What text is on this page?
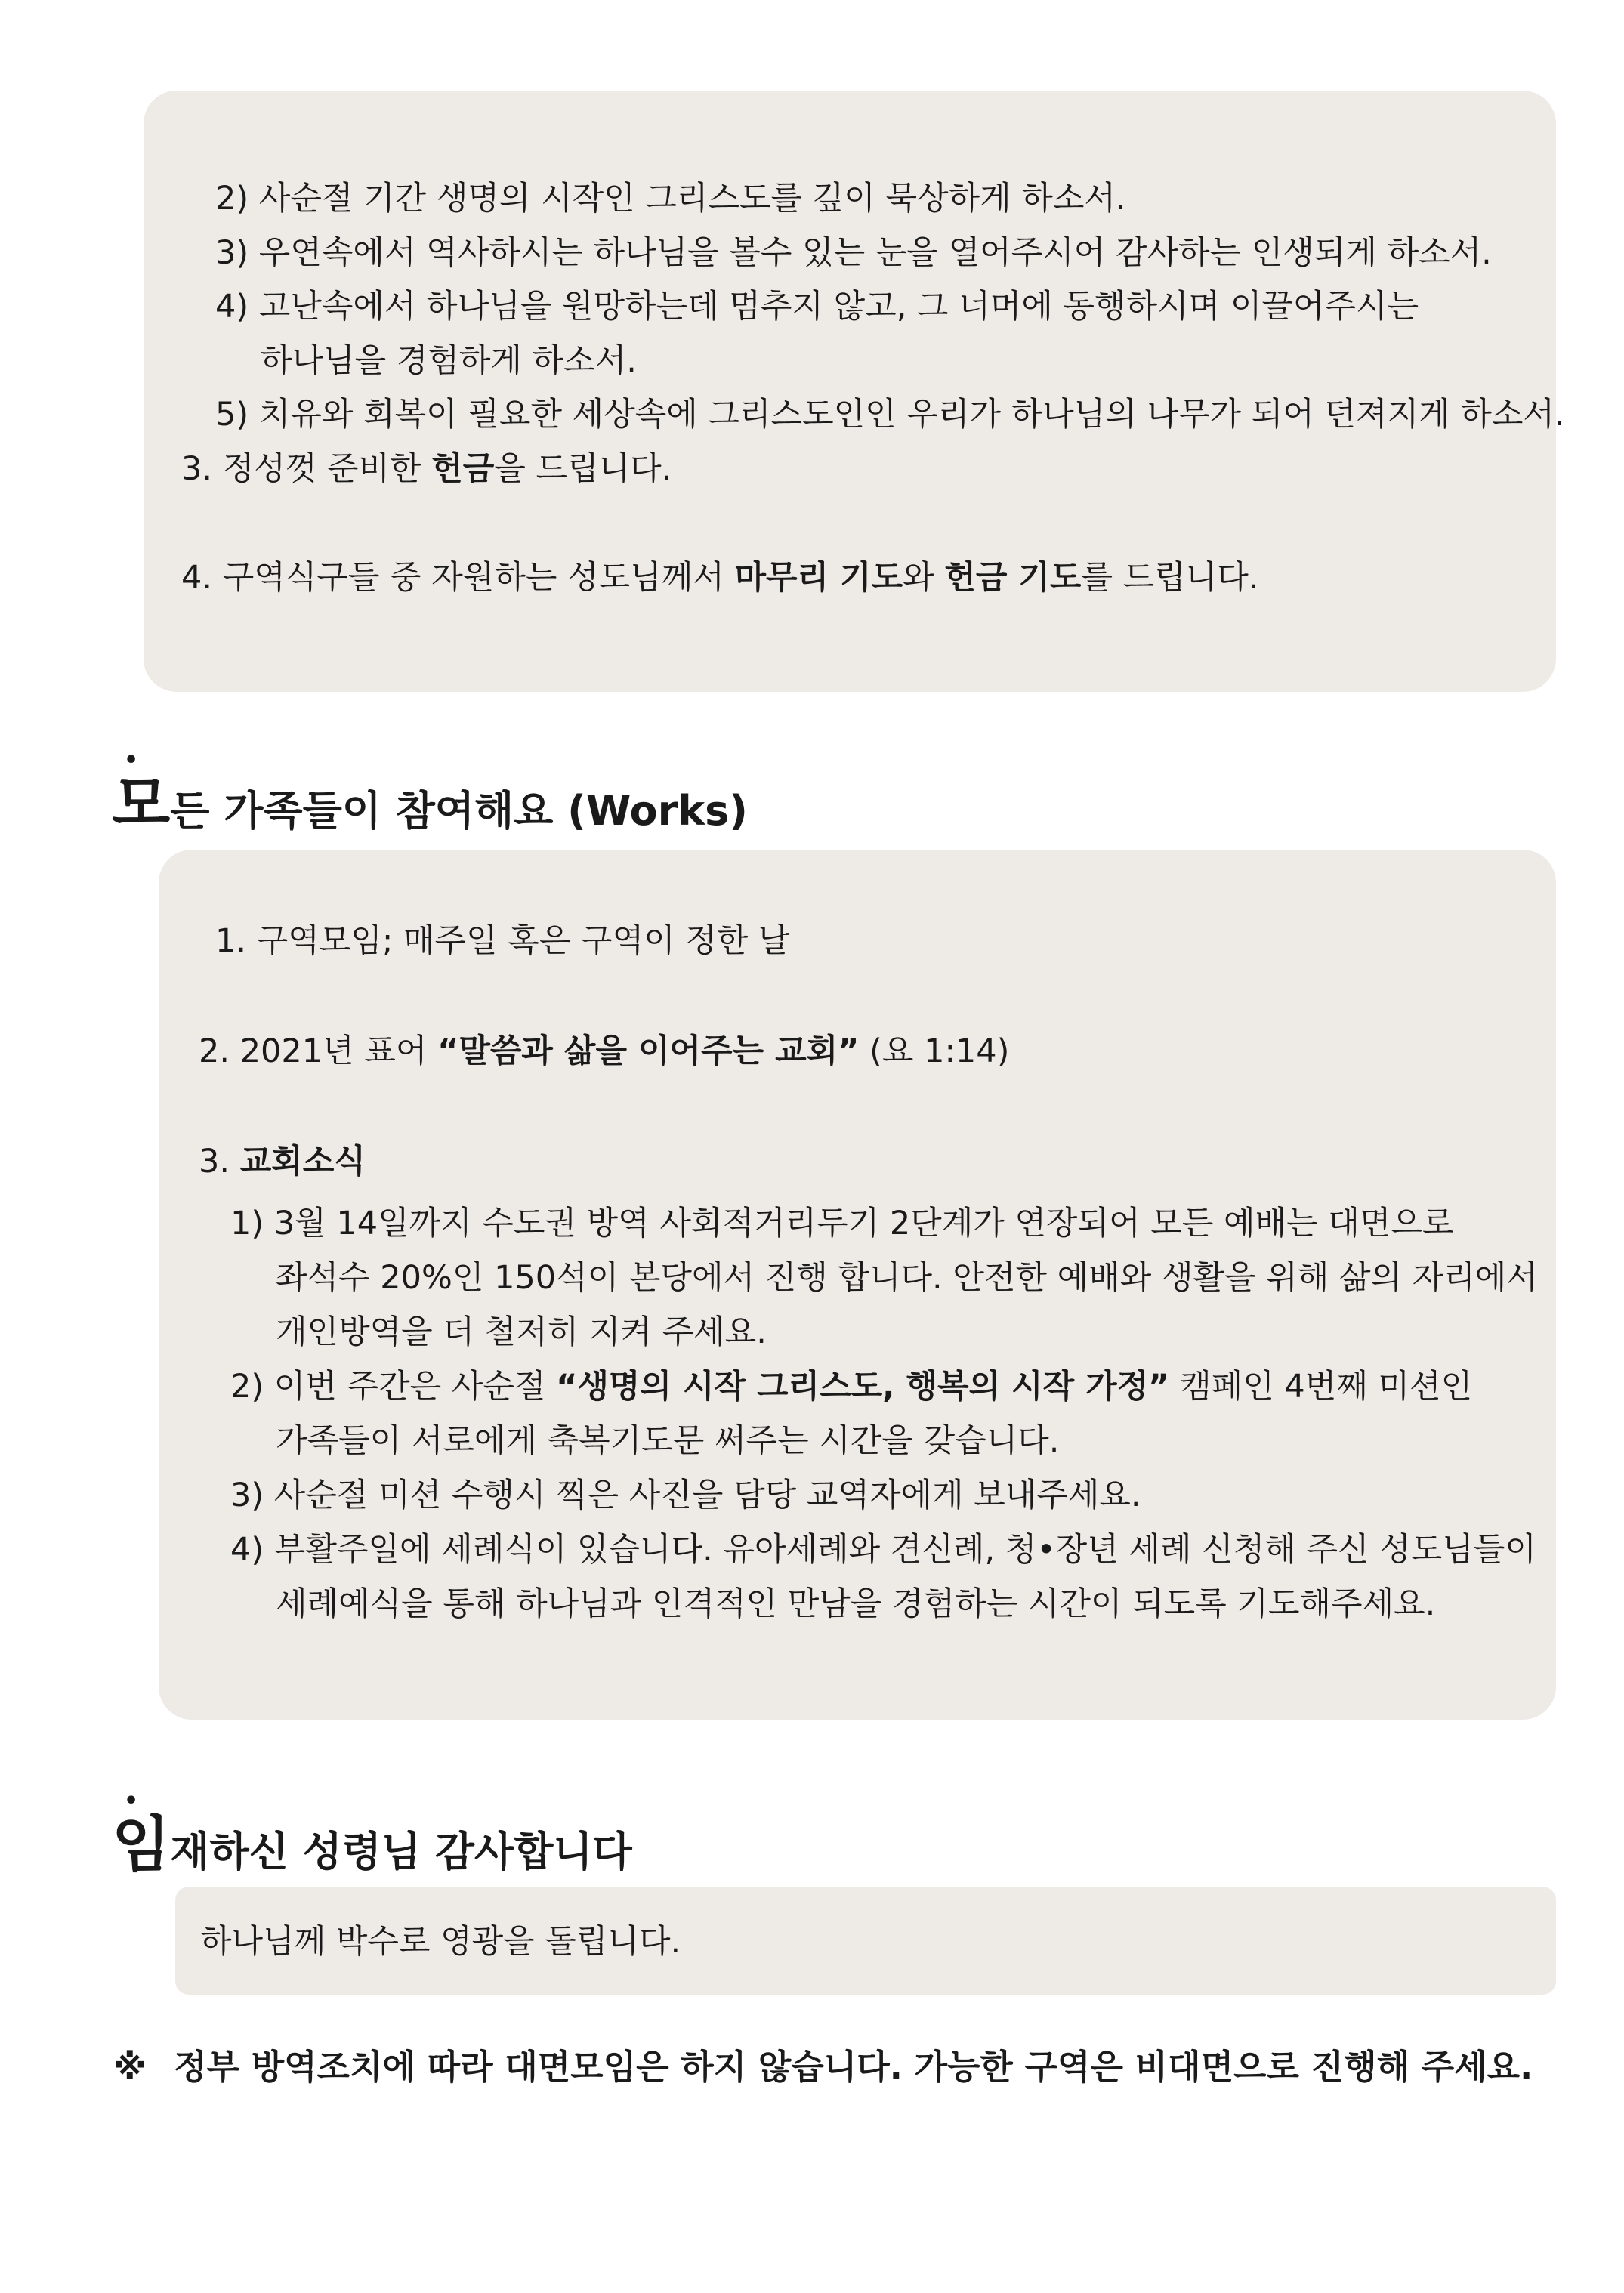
2) 사순절 기간 생명의 시작인 그리스도를 깊이 묵상하게 하소서.
3) 우연속에서 역사하시는 하나님을 볼수 있는 눈을 열어주시어 감사하는 인생되게 하소서.
4) 고난속에서 하나님을 원망하는데 멈추지 않고, 그 너머에 동행하시며 이끌어주시는
하나님을 경험하게 하소서.
5) 치유와 회복이 필요한 세상속에 그리스도인인 우리가 하나님의 나무가 되어 던져지게 하소서.
3. 정성껏 준비한 헌금을 드립니다.
4. 구역식구들 중 자원하는 성도님께서 마무리 기도와 헌금 기도를 드립니다.
•
모든 가족들이 참여해요 (Works)
1. 구역모임; 매주일 혹은 구역이 정한 날
2. 2021년 표어 “말씀과 삶을 이어주는 교회” (요 1:14)
3. 교회소식
1) 3월 14일까지 수도권 방역 사회적거리두기 2단계가 연장되어 모든 예배는 대면으로
좌석수 20%인 150석이 본당에서 진행 합니다. 안전한 예배와 생활을 위해 삶의 자리에서
개인방역을 더 철저히 지켜 주세요.
2) 이번 주간은 사순절 “생명의 시작 그리스도, 행복의 시작 가정” 캠페인 4번째 미션인
가족들이 서로에게 축복기도문 써주는 시간을 갖습니다.
3) 사순절 미션 수행시 찍은 사진을 담당 교역자에게 보내주세요.
4) 부활주일에 세례식이 있습니다. 유아세례와 견신례, 청•장년 세례 신청해 주신 성도님들이
세례예식을 통해 하나님과 인격적인 만남을 경험하는 시간이 되도록 기도해주세요.
•
임재하신 성령님 감사합니다
하나님께 박수로 영광을 돌립니다.
※ 정부 방역조치에 따라 대면모임은 하지 않습니다. 가능한 구역은 비대면으로 진행해 주세요.
